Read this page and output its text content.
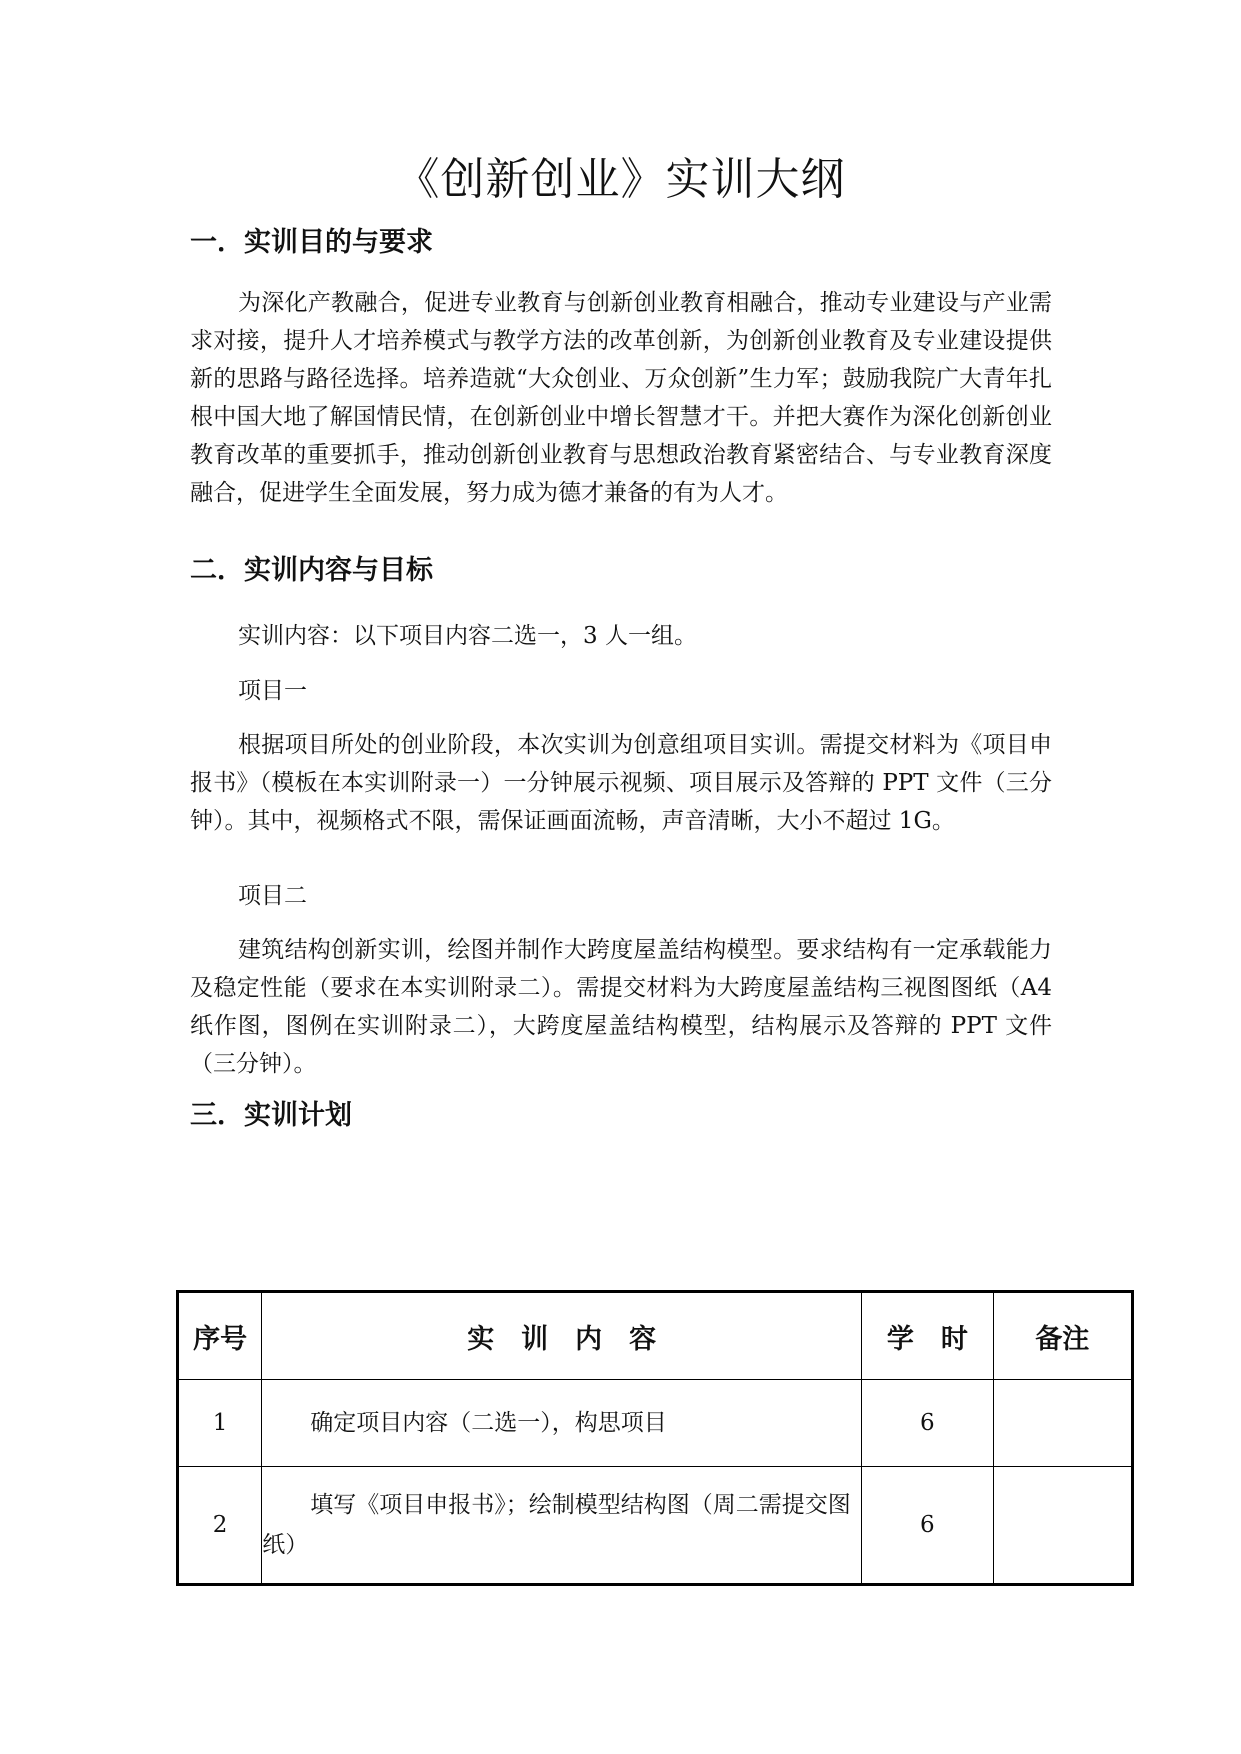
《创新创业》实训大纲
一．实训目的与要求

为深化产教融合，促进专业教育与创新创业教育相融合，推动专业建设与产业需求对接，提升人才培养模式与教学方法的改革创新，为创新创业教育及专业建设提供新的思路与路径选择。培养造就“大众创业、万众创新”生力军；鼓励我院广大青年扎根中国大地了解国情民情，在创新创业中增长智慧才干。并把大赛作为深化创新创业教育改革的重要抓手，推动创新创业教育与思想政治教育紧密结合、与专业教育深度融合，促进学生全面发展，努力成为德才兼备的有为人才。

二．实训内容与目标

实训内容：以下项目内容二选一，3 人一组。

项目一

根据项目所处的创业阶段，本次实训为创意组项目实训。需提交材料为《项目申报书》（模板在本实训附录一）一分钟展示视频、项目展示及答辩的 PPT 文件（三分钟）。其中，视频格式不限，需保证画面流畅，声音清晰，大小不超过 1G。

项目二

建筑结构创新实训，绘图并制作大跨度屋盖结构模型。要求结构有一定承载能力及稳定性能（要求在本实训附录二）。需提交材料为大跨度屋盖结构三视图图纸（A4 纸作图，图例在实训附录二），大跨度屋盖结构模型，结构展示及答辩的 PPT 文件（三分钟）。

三．实训计划
序号	实　训　内　容	学　时	备注
1	确定项目内容（二选一），构思项目	6	
2	填写《项目申报书》；绘制模型结构图（周二需提交图纸）	6	
